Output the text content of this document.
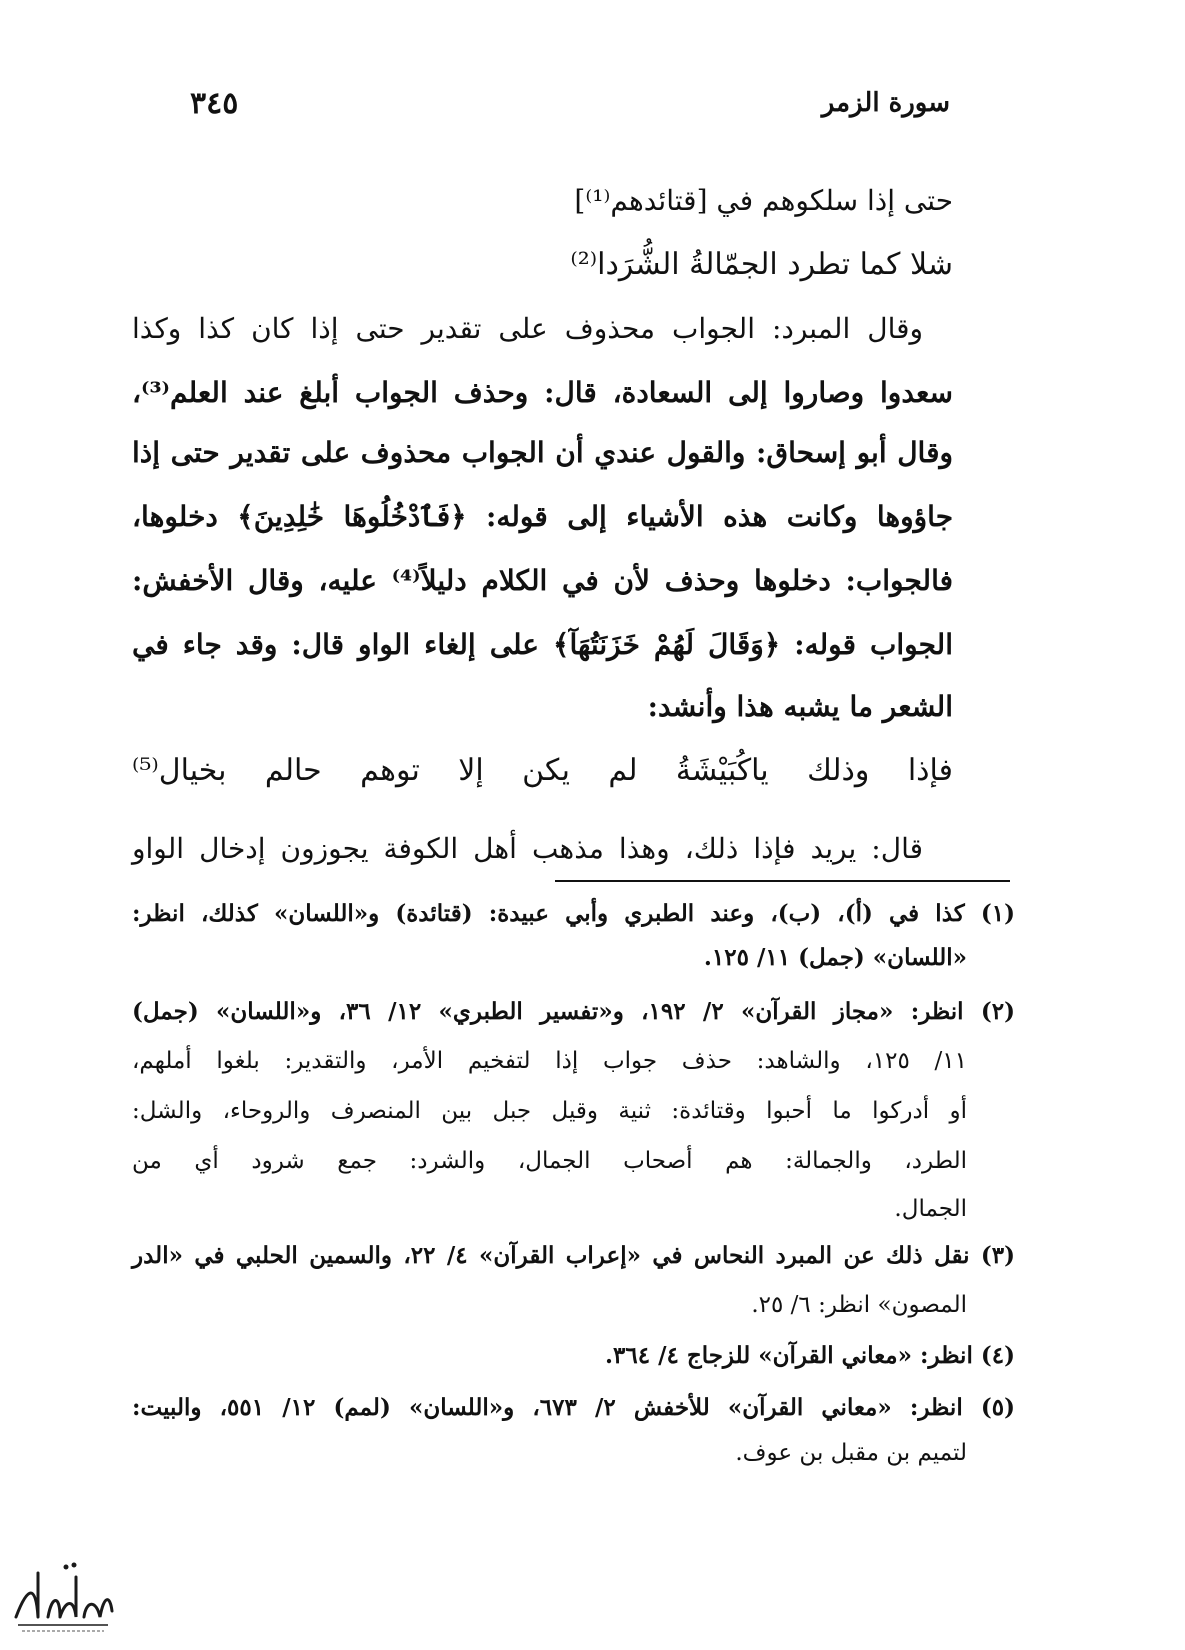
٣٤٥	سورة الزمر
حتى إذا سلكوهم في [قتائدهم⁽¹⁾]
شلا كما تطرد الجمّالةُ الشُّرَدا⁽²⁾
وقال المبرد: الجواب محذوف على تقدير حتى إذا كان كذا وكذا
سعدوا وصاروا إلى السعادة، قال: وحذف الجواب أبلغ عند العلم⁽³⁾،
وقال أبو إسحاق: والقول عندي أن الجواب محذوف على تقدير حتى إذا
جاؤوها وكانت هذه الأشياء إلى قوله: ﴿فَٱدْخُلُوهَا خَٰلِدِينَ﴾ دخلوها،
فالجواب: دخلوها وحذف لأن في الكلام دليلاً⁽⁴⁾ عليه، وقال الأخفش:
الجواب قوله: ﴿وَقَالَ لَهُمْ خَزَنَتُهَآ﴾ على إلغاء الواو قال: وقد جاء في
الشعر ما يشبه هذا وأنشد:
فإذا وذلك ياكُبَيْشَةُ لم يكن إلا توهم حالم بخيال⁽⁵⁾
قال: يريد فإذا ذلك، وهذا مذهب أهل الكوفة يجوزون إدخال الواو
(١) كذا في (أ)، (ب)، وعند الطبري وأبي عبيدة: (قتائدة) و«اللسان» كذلك، انظر:
«اللسان» (جمل) ١١/ ١٢٥.
(٢) انظر: «مجاز القرآن» ٢/ ١٩٢، و«تفسير الطبري» ١٢/ ٣٦، و«اللسان» (جمل)
١١/ ١٢٥، والشاهد: حذف جواب إذا لتفخيم الأمر، والتقدير: بلغوا أملهم،
أو أدركوا ما أحبوا وقتائدة: ثنية وقيل جبل بين المنصرف والروحاء، والشل:
الطرد، والجمالة: هم أصحاب الجمال، والشرد: جمع شرود أي من
الجمال.
(٣) نقل ذلك عن المبرد النحاس في «إعراب القرآن» ٤/ ٢٢، والسمين الحلبي في «الدر
المصون» انظر: ٦/ ٢٥.
(٤) انظر: «معاني القرآن» للزجاج ٤/ ٣٦٤.
(٥) انظر: «معاني القرآن» للأخفش ٢/ ٦٧٣، و«اللسان» (لمم) ١٢/ ٥٥١، والبيت:
لتميم بن مقبل بن عوف.
